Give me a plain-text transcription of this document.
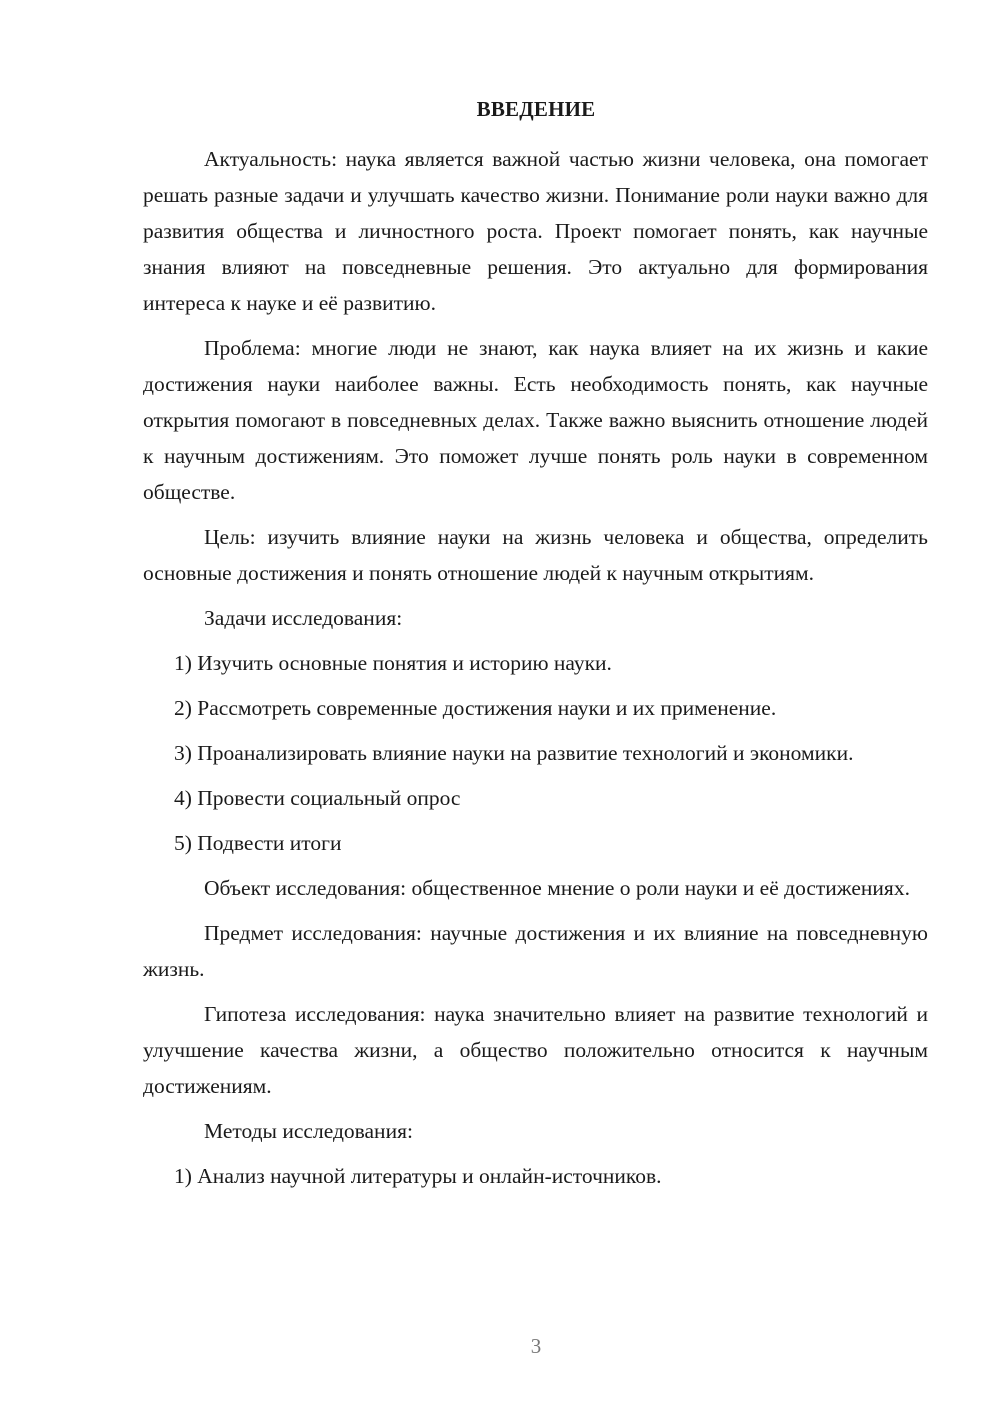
ВВЕДЕНИЕ

Актуальность: наука является важной частью жизни человека, она помогает решать разные задачи и улучшать качество жизни. Понимание роли науки важно для развития общества и личностного роста. Проект помогает понять, как научные знания влияют на повседневные решения. Это актуально для формирования интереса к науке и её развитию.

Проблема: многие люди не знают, как наука влияет на их жизнь и какие достижения науки наиболее важны. Есть необходимость понять, как научные открытия помогают в повседневных делах. Также важно выяснить отношение людей к научным достижениям. Это поможет лучше понять роль науки в современном обществе.

Цель: изучить влияние науки на жизнь человека и общества, определить основные достижения и понять отношение людей к научным открытиям.

Задачи исследования:

1) Изучить основные понятия и историю науки.

2) Рассмотреть современные достижения науки и их применение.

3) Проанализировать влияние науки на развитие технологий и экономики.

4) Провести социальный опрос

5) Подвести итоги

Объект исследования: общественное мнение о роли науки и её достижениях.

Предмет исследования: научные достижения и их влияние на повседневную жизнь.

Гипотеза исследования: наука значительно влияет на развитие технологий и улучшение качества жизни, а общество положительно относится к научным достижениям.

Методы исследования:

1) Анализ научной литературы и онлайн-источников.

3
